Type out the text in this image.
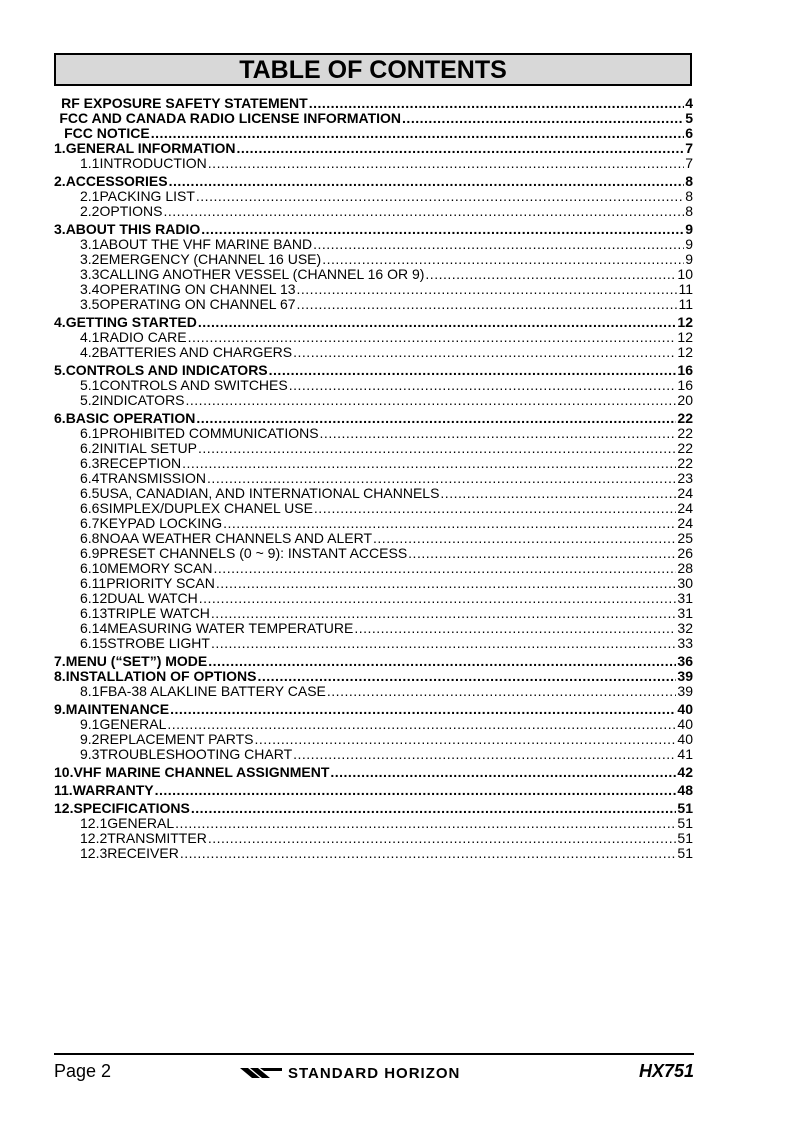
TABLE OF CONTENTS
RF EXPOSURE SAFETY STATEMENT .....	4
FCC AND CANADA RADIO LICENSE INFORMATION .....	5
FCC NOTICE .....	6
1. GENERAL INFORMATION .....	7
1.1 INTRODUCTION .....	7
2. ACCESSORIES .....	8
2.1 PACKING LIST .....	8
2.2 OPTIONS .....	8
3. ABOUT THIS RADIO .....	9
3.1 ABOUT THE VHF MARINE BAND .....	9
3.2 EMERGENCY (CHANNEL 16 USE) .....	9
3.3 CALLING ANOTHER VESSEL (CHANNEL 16 OR 9) .....	10
3.4 OPERATING ON CHANNEL 13 .....	11
3.5 OPERATING ON CHANNEL 67 .....	11
4. GETTING STARTED .....	12
4.1 RADIO CARE .....	12
4.2 BATTERIES AND CHARGERS .....	12
5. CONTROLS AND INDICATORS .....	16
5.1 CONTROLS AND SWITCHES .....	16
5.2 INDICATORS .....	20
6. BASIC OPERATION .....	22
6.1 PROHIBITED COMMUNICATIONS .....	22
6.2 INITIAL SETUP .....	22
6.3 RECEPTION .....	22
6.4 TRANSMISSION .....	23
6.5 USA, CANADIAN, AND INTERNATIONAL CHANNELS .....	24
6.6 SIMPLEX/DUPLEX CHANEL USE .....	24
6.7 KEYPAD LOCKING .....	24
6.8 NOAA WEATHER CHANNELS AND ALERT .....	25
6.9 PRESET CHANNELS (0 ~ 9): INSTANT ACCESS .....	26
6.10 MEMORY SCAN .....	28
6.11 PRIORITY SCAN .....	30
6.12 DUAL WATCH .....	31
6.13 TRIPLE WATCH .....	31
6.14 MEASURING WATER TEMPERATURE .....	32
6.15 STROBE LIGHT .....	33
7. MENU (“SET”) MODE .....	36
8. INSTALLATION OF OPTIONS .....	39
8.1 FBA-38 ALAKLINE BATTERY CASE .....	39
9. MAINTENANCE .....	40
9.1 GENERAL .....	40
9.2 REPLACEMENT PARTS .....	40
9.3 TROUBLESHOOTING CHART .....	41
10. VHF MARINE CHANNEL ASSIGNMENT .....	42
11. WARRANTY .....	48
12. SPECIFICATIONS .....	51
12.1 GENERAL .....	51
12.2 TRANSMITTER .....	51
12.3 RECEIVER .....	51
Page 2	STANDARD HORIZON	HX751
